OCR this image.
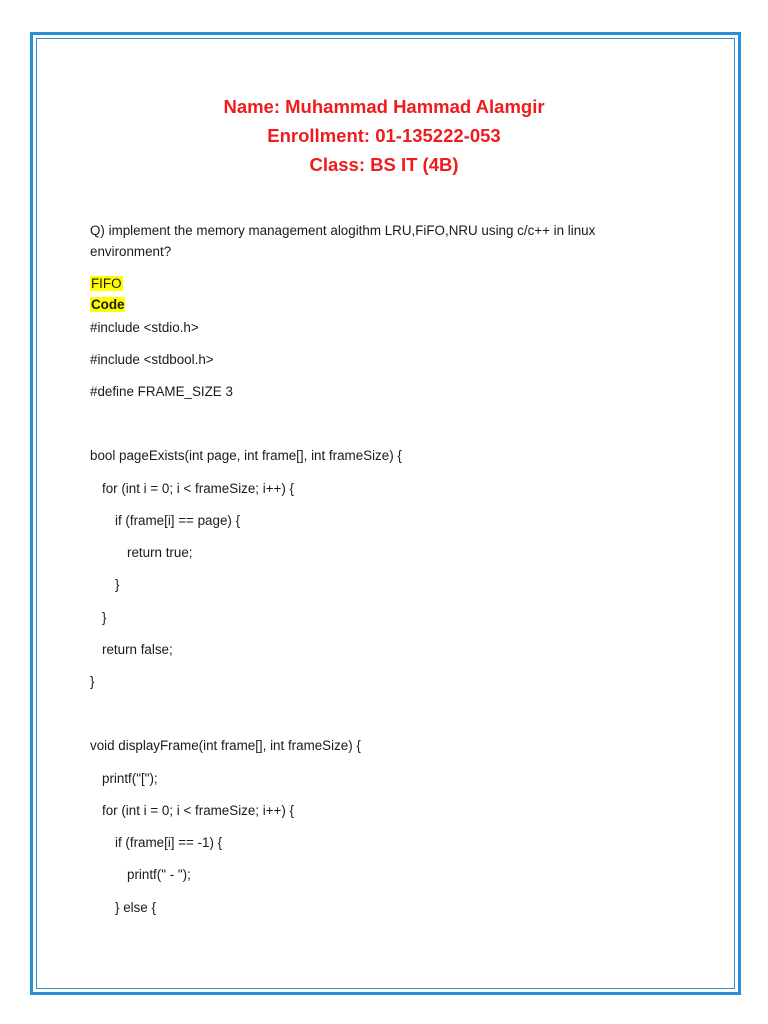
Name: Muhammad Hammad Alamgir
Enrollment: 01-135222-053
Class: BS IT (4B)
Q) implement the memory management alogithm LRU,FiFO,NRU using c/c++ in linux environment?
FIFO
Code
#include <stdio.h>
#include <stdbool.h>
#define FRAME_SIZE 3
bool pageExists(int page, int frame[], int frameSize) {
for (int i = 0; i < frameSize; i++) {
if (frame[i] == page) {
return true;
}
}
return false;
}
void displayFrame(int frame[], int frameSize) {
printf("[");
for (int i = 0; i < frameSize; i++) {
if (frame[i] == -1) {
printf(" - ");
} else {
